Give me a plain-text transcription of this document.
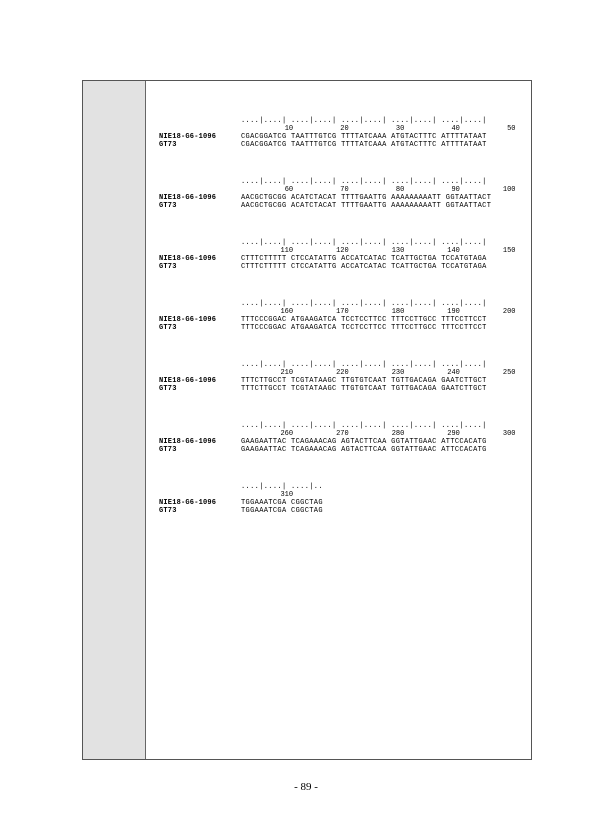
....|....| ....|....| ....|....| ....|....| ....|....|
10	20	30	40	50
NIE18-G6-1096	CGACGGATCG TAATTTGTCG TTTTATCAAA ATGTACTTTC ATTTTATAAT
GT73	CGACGGATCG TAATTTGTCG TTTTATCAAA ATGTACTTTC ATTTTATAAT
....|....| ....|....| ....|....| ....|....| ....|....|
60	70	80	90	100
NIE18-G6-1096	AACGCTGCGG ACATCTACAT TTTTGAATTG AAAAAAAAATT GGTAATTACT
GT73	AACGCTGCGG ACATCTACAT TTTTGAATTG AAAAAAAAATT GGTAATTACT
....|....| ....|....| ....|....| ....|....| ....|....|
110	120	130	140	150
NIE18-G6-1096	CTTTCTTTTT CTCCATATTG ACCATCATAC TCATTGCTGA TCCATGTAGA
GT73	CTTTCTTTTT CTCCATATTG ACCATCATAC TCATTGCTGA TCCATGTAGA
....|....| ....|....| ....|....| ....|....| ....|....|
160	170	180	190	200
NIE18-G6-1096	TTTCCCGGAC ATGAAGATCA TCCTCCTTCC TTTCCTTGCC TTTCCTTCCT
GT73	TTTCCCGGAC ATGAAGATCA TCCTCCTTCC TTTCCTTGCC TTTCCTTCCT
....|....| ....|....| ....|....| ....|....| ....|....|
210	220	230	240	250
NIE18-G6-1096	TTTCTTGCCT TCGTATAAGC TTGTGTCAAT TGTTGACAGA GAATCTTGCT
GT73	TTTCTTGCCT TCGTATAAGC TTGTGTCAAT TGTTGACAGA GAATCTTGCT
....|....| ....|....| ....|....| ....|....| ....|....|
260	270	280	290	300
NIE18-G6-1096	GAAGAATTAC TCAGAAACAG AGTACTTCAA GGTATTGAAC ATTCCACATG
GT73	GAAGAATTAC TCAGAAACAG AGTACTTCAA GGTATTGAAC ATTCCACATG
....|....| ....|..
310
NIE18-G6-1096	TGGAAATCGA CGGCTAG
GT73	TGGAAATCGA CGGCTAG
- 89 -
